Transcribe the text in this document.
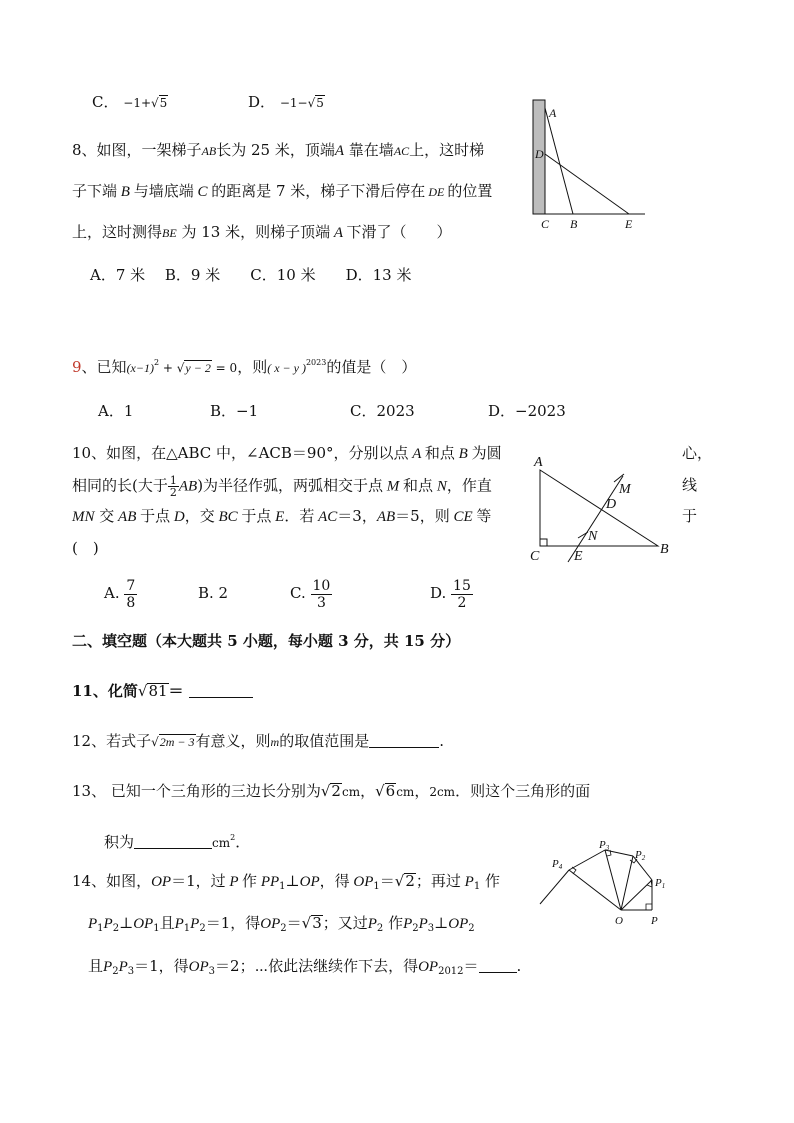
C． −1+√5	D． −1−√5
8、如图，一架梯子AB长为 25 米，顶端A 靠在墙AC上，这时梯
子下端 B 与墙底端 C 的距离是 7 米，梯子下滑后停在 DE 的位置
上，这时测得BE 为 13 米，则梯子顶端 A 下滑了（　　）
A．7 米　 B．9 米　　C．10 米　　D．13 米
A
D
C B	E
9、已知$(x-1)^2 + √y - 2 = 0$，则( x − y )$^{2023}$的值是（　）
A．1	B．−1	C．2023	D．−2023
10、如图，在△ABC 中，∠ACB＝90°，分别以点 A 和点 B 为圆	心，
相同的长(大于 $\frac{1}{2} AB$)为半径作弧，两弧相交于点 M 和点 N，作直	线
MN 交 AB 于点 D，交 BC 于点 E．若 AC＝3，AB＝5，则 CE 等	于
(　)
A. $\frac{7}{8}$	B. 2	C. $\frac{10}{3}$	D. $\frac{15}{2}$
A
M
D
N
C E	B
二、填空题（本大题共 5 小题，每小题 3 分，共 15 分）
11、化简√81＝
12、若式子√2m − 3有意义，则m的取值范围是	.
13、 已知一个三角形的三边长分别为√2cm，√6cm，2cm．则这个三角形的面
积为	$cm^2$．
14、如图，OP＝1，过 P 作 $PP_1\perp OP$，得 $OP_1=√2$；再过 $P_1$ 作
$P_1P_2\perp OP_1$且$P_1P_2=1$，得$OP_2=√3$；又过$P_2$ 作$P_2P_3\perp OP_2$
且$P_2P_3=1$，得$OP_3=2$；⋯依此法继续作下去，得$OP_{2012}=$	.
O	P
P1
P2
P3
P4
